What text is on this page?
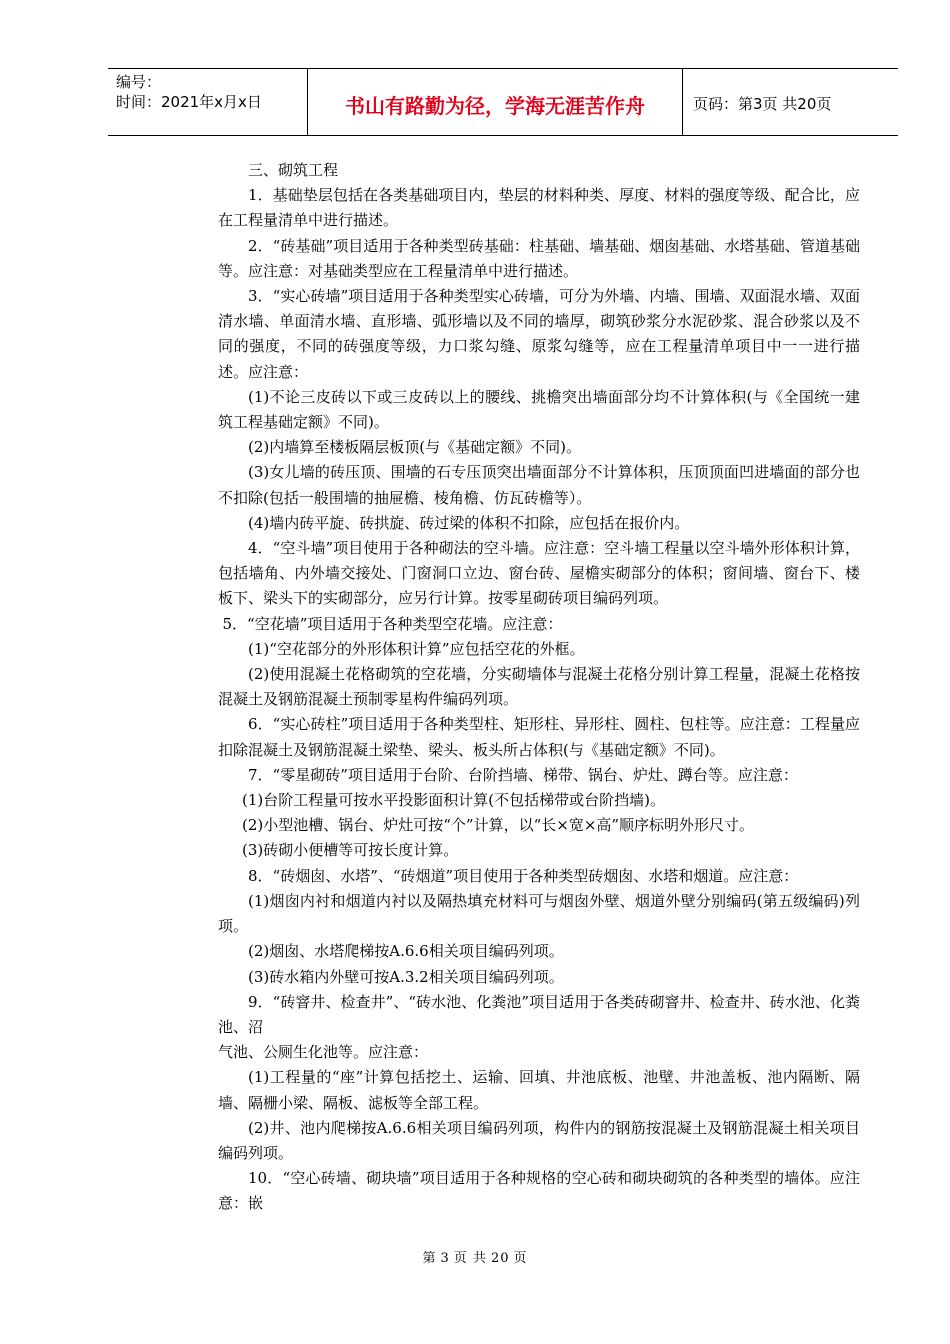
编号：
时间：2021年x月x日	书山有路勤为径，学海无涯苦作舟	页码：第3页 共20页

三、砌筑工程

1．基础垫层包括在各类基础项目内，垫层的材料种类、厚度、材料的强度等级、配合比，应在工程量清单中进行描述。

2．“砖基础”项目适用于各种类型砖基础：柱基础、墙基础、烟囱基础、水塔基础、管道基础等。应注意：对基础类型应在工程量清单中进行描述。

3．“实心砖墙”项目适用于各种类型实心砖墙，可分为外墙、内墙、围墙、双面混水墙、双面清水墙、单面清水墙、直形墙、弧形墙以及不同的墙厚，砌筑砂浆分水泥砂浆、混合砂浆以及不同的强度，不同的砖强度等级，力口浆勾缝、原浆勾缝等，应在工程量清单项目中一一进行描述。应注意：

(1)不论三皮砖以下或三皮砖以上的腰线、挑檐突出墙面部分均不计算体积(与《全国统一建筑工程基础定额》不同)。

(2)内墙算至楼板隔层板顶(与《基础定额》不同)。

(3)女儿墙的砖压顶、围墙的石专压顶突出墙面部分不计算体积，压顶顶面凹进墙面的部分也不扣除(包括一般围墙的抽屉檐、棱角檐、仿瓦砖檐等）。

(4)墙内砖平旋、砖拱旋、砖过梁的体积不扣除，应包括在报价内。

4．“空斗墙”项目使用于各种砌法的空斗墙。应注意：空斗墙工程量以空斗墙外形体积计算，包括墙角、内外墙交接处、门窗洞口立边、窗台砖、屋檐实砌部分的体积；窗间墙、窗台下、楼板下、梁头下的实砌部分，应另行计算。按零星砌砖项目编码列项。

5．“空花墙”项目适用于各种类型空花墙。应注意：

(1)“空花部分的外形体积计算”应包括空花的外框。

(2)使用混凝土花格砌筑的空花墙，分实砌墙体与混凝土花格分别计算工程量，混凝土花格按混凝土及钢筋混凝土预制零星构件编码列项。

6．“实心砖柱”项目适用于各种类型柱、矩形柱、异形柱、圆柱、包柱等。应注意：工程量应扣除混凝土及钢筋混凝土梁垫、梁头、板头所占体积(与《基础定额》不同)。

7．“零星砌砖”项目适用于台阶、台阶挡墙、梯带、锅台、炉灶、蹲台等。应注意：

(1)台阶工程量可按水平投影面积计算(不包括梯带或台阶挡墙)。

(2)小型池槽、锅台、炉灶可按“个”计算，以“长×宽×高”顺序标明外形尺寸。

(3)砖砌小便槽等可按长度计算。

8．“砖烟囱、水塔”、“砖烟道”项目使用于各种类型砖烟囱、水塔和烟道。应注意：

(1)烟囱内衬和烟道内衬以及隔热填充材料可与烟囱外壁、烟道外壁分别编码(第五级编码)列项。

(2)烟囱、水塔爬梯按A.6.6相关项目编码列项。

(3)砖水箱内外壁可按A.3.2相关项目编码列项。

9．“砖窨井、检查井”、“砖水池、化粪池”项目适用于各类砖砌窨井、检查井、砖水池、化粪池、沼

气池、公厕生化池等。应注意：

(1)工程量的“座”计算包括挖土、运输、回填、井池底板、池壁、井池盖板、池内隔断、隔墙、隔栅小梁、隔板、滤板等全部工程。

(2)井、池内爬梯按A.6.6相关项目编码列项，构件内的钢筋按混凝土及钢筋混凝土相关项目编码列项。

10．“空心砖墙、砌块墙”项目适用于各种规格的空心砖和砌块砌筑的各种类型的墙体。应注意：嵌

第 3 页 共 20 页
